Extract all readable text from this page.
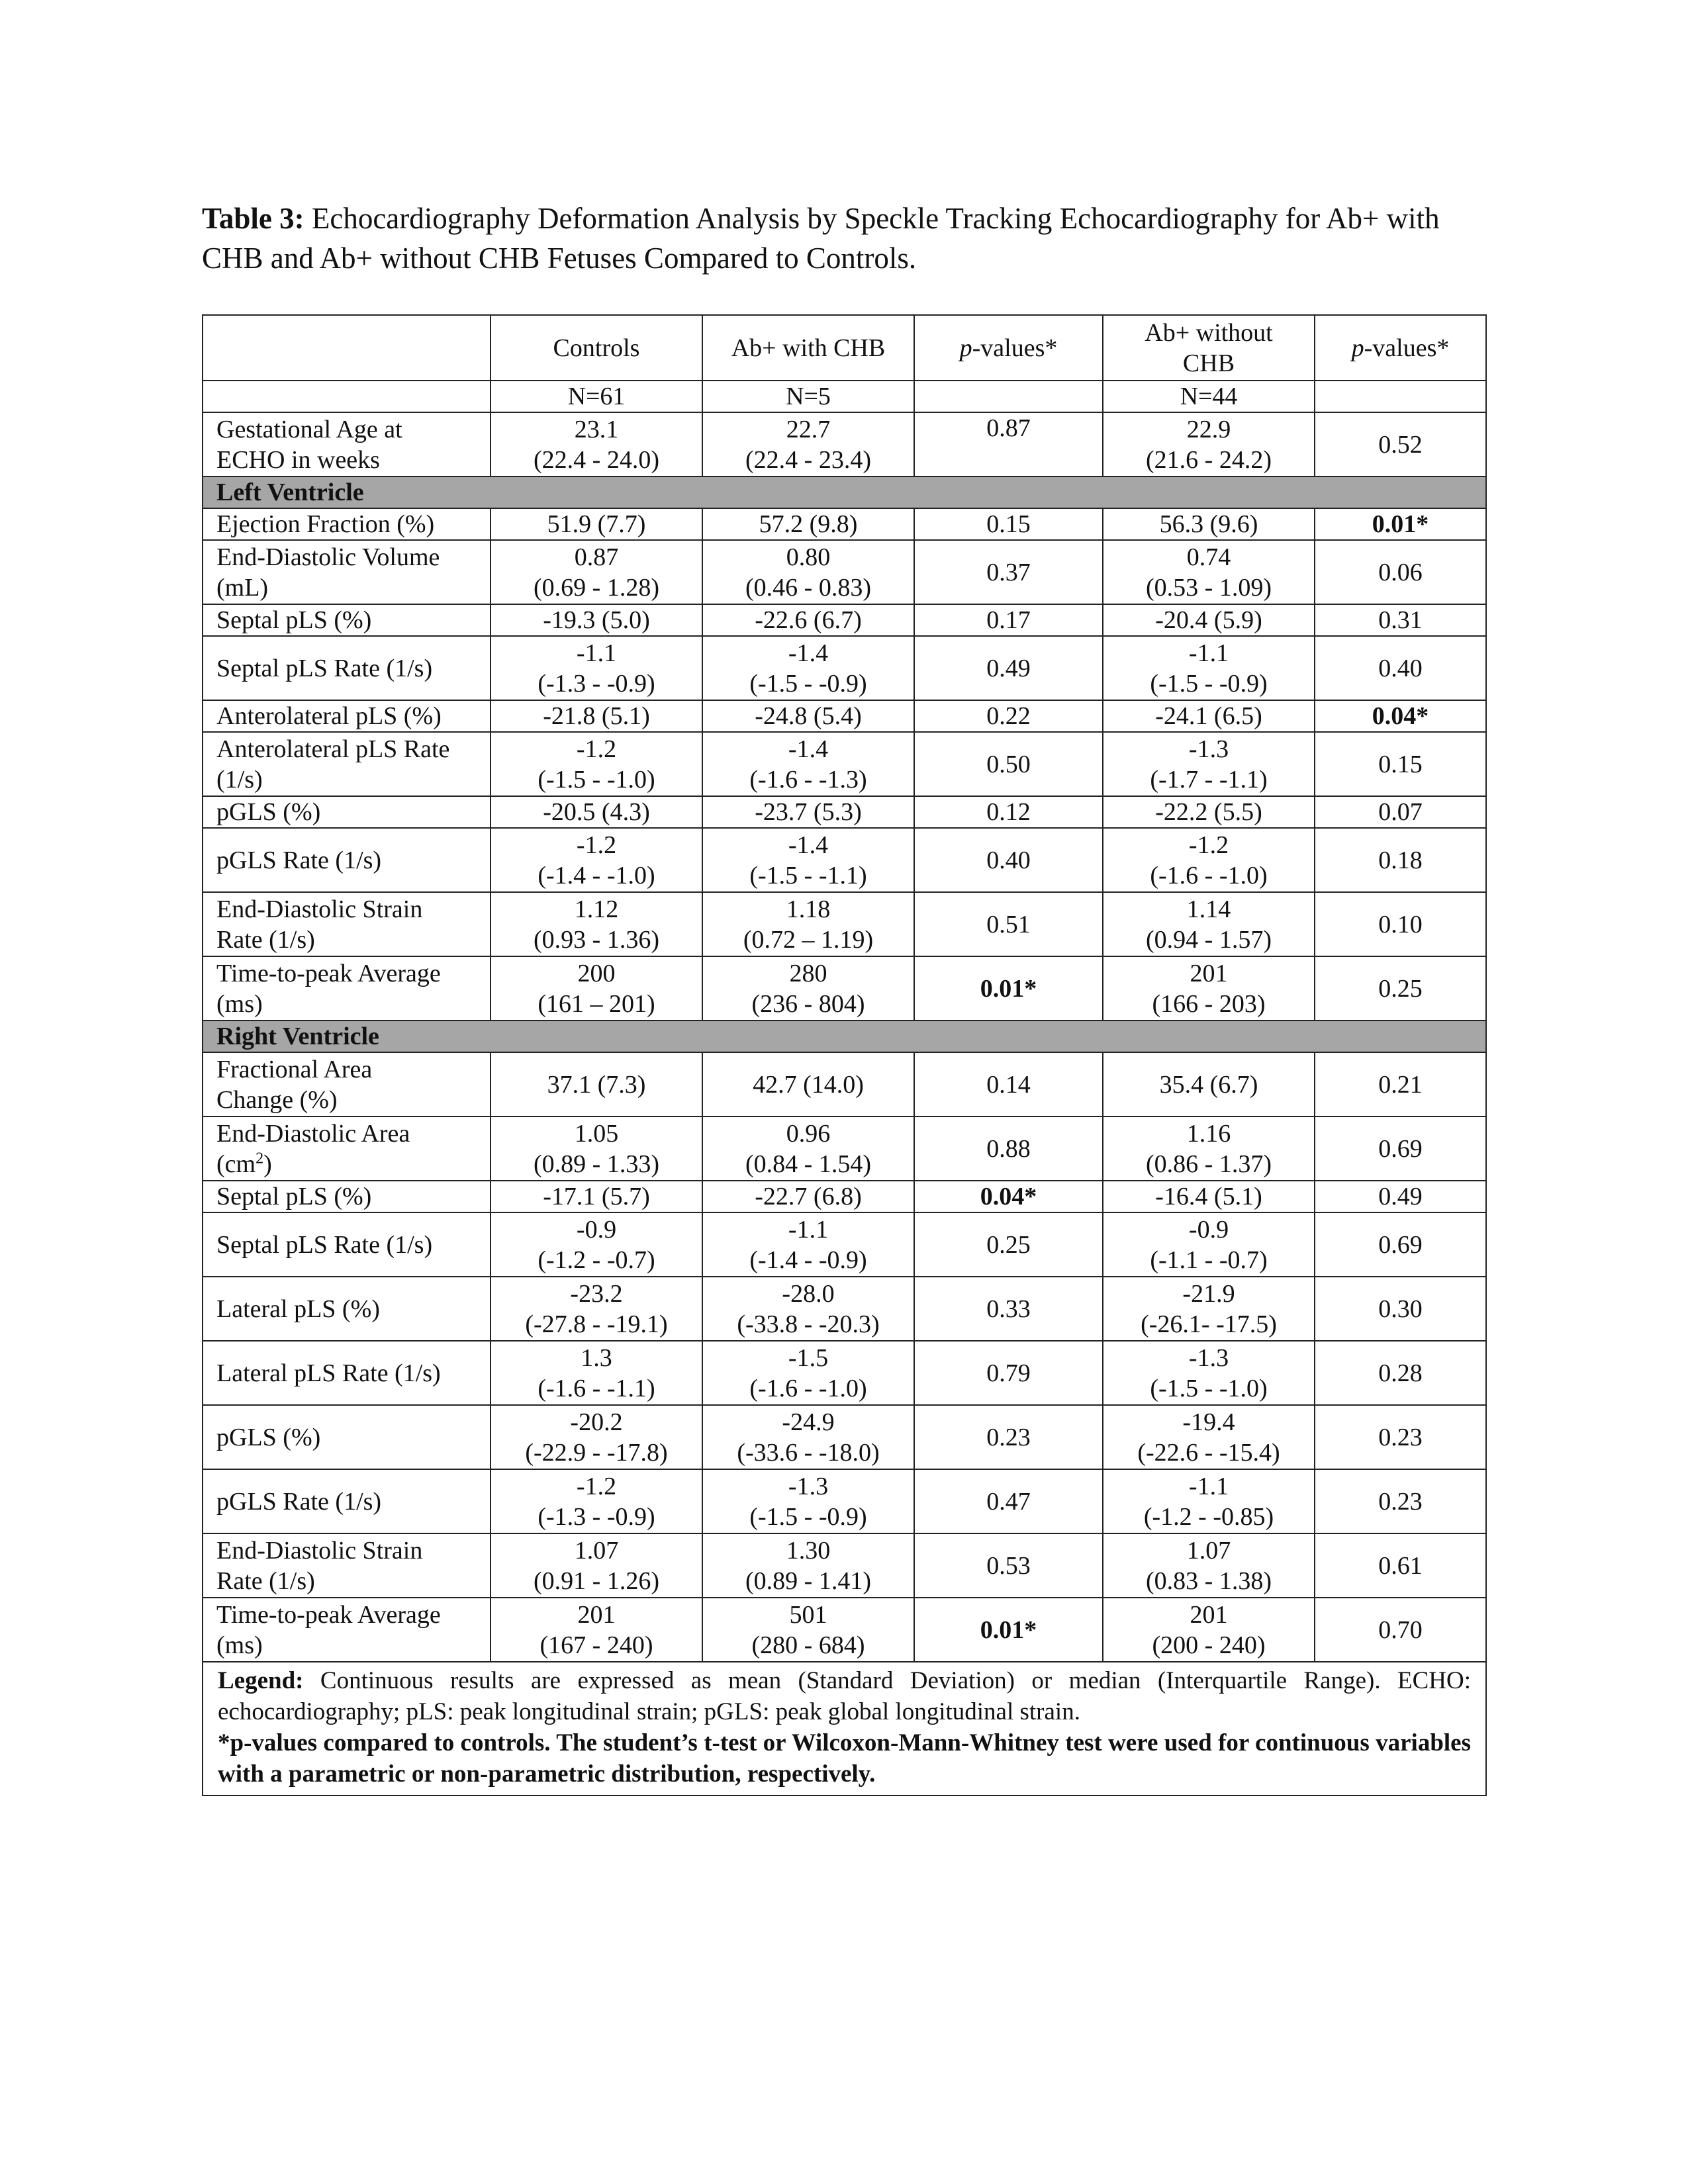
Table 3: Echocardiography Deformation Analysis by Speckle Tracking Echocardiography for Ab+ with CHB and Ab+ without CHB Fetuses Compared to Controls.
	Controls	Ab+ with CHB	p-values*	Ab+ without
CHB	p-values*
	N=61	N=5		N=44	

Gestational Age at
ECHO in weeks	23.1
(22.4 - 24.0)	22.7
(22.4 - 23.4)	0.87	22.9
(21.6 - 24.2)	0.52
Left Ventricle					

Ejection Fraction (%)	51.9 (7.7)	57.2 (9.8)	0.15	56.3 (9.6)	0.01*

End-Diastolic Volume
(mL)	0.87
(0.69 - 1.28)	0.80
(0.46 - 0.83)	0.37	0.74
(0.53 - 1.09)	0.06

Septal pLS (%)	-19.3 (5.0)	-22.6 (6.7)	0.17	-20.4 (5.9)	0.31

Septal pLS Rate (1/s)	-1.1
(-1.3 - -0.9)	-1.4
(-1.5 - -0.9)	0.49	-1.1
(-1.5 - -0.9)	0.40

Anterolateral pLS (%)	-21.8 (5.1)	-24.8 (5.4)	0.22	-24.1 (6.5)	0.04*

Anterolateral pLS Rate
(1/s)	-1.2
(-1.5 - -1.0)	-1.4
(-1.6 - -1.3)	0.50	-1.3
(-1.7 - -1.1)	0.15

pGLS (%)	-20.5 (4.3)	-23.7 (5.3)	0.12	-22.2 (5.5)	0.07

pGLS Rate (1/s)	-1.2
(-1.4 - -1.0)	-1.4
(-1.5 - -1.1)	0.40	-1.2
(-1.6 - -1.0)	0.18

End-Diastolic Strain
Rate (1/s)	1.12
(0.93 - 1.36)	1.18
(0.72 – 1.19)	0.51	1.14
(0.94 - 1.57)	0.10

Time-to-peak Average
(ms)	200
(161 – 201)	280
(236 - 804)	0.01*	201
(166 - 203)	0.25
Right Ventricle					

Fractional Area
Change (%)	37.1 (7.3)	42.7 (14.0)	0.14	35.4 (6.7)	0.21

End-Diastolic Area
$(cm^2)$	1.05
(0.89 - 1.33)	0.96
(0.84 - 1.54)	0.88	1.16
(0.86 - 1.37)	0.69

Septal pLS (%)	-17.1 (5.7)	-22.7 (6.8)	0.04*	-16.4 (5.1)	0.49

Septal pLS Rate (1/s)	-0.9
(-1.2 - -0.7)	-1.1
(-1.4 - -0.9)	0.25	-0.9
(-1.1 - -0.7)	0.69

Lateral pLS (%)	-23.2
(-27.8 - -19.1)	-28.0
(-33.8 - -20.3)	0.33	-21.9
(-26.1- -17.5)	0.30

Lateral pLS Rate (1/s)	1.3
(-1.6 - -1.1)	-1.5
(-1.6 - -1.0)	0.79	-1.3
(-1.5 - -1.0)	0.28

pGLS (%)	-20.2
(-22.9 - -17.8)	-24.9
(-33.6 - -18.0)	0.23	-19.4
(-22.6 - -15.4)	0.23

pGLS Rate (1/s)	-1.2
(-1.3 - -0.9)	-1.3
(-1.5 - -0.9)	0.47	-1.1
(-1.2 - -0.85)	0.23

End-Diastolic Strain
Rate (1/s)	1.07
(0.91 - 1.26)	1.30
(0.89 - 1.41)	0.53	1.07
(0.83 - 1.38)	0.61

Time-to-peak Average
(ms)	201
(167 - 240)	501
(280 - 684)	0.01*	201
(200 - 240)	0.70
Legend: Continuous results are expressed as mean (Standard Deviation) or median (Interquartile Range). ECHO: echocardiography; pLS: peak longitudinal strain; pGLS: peak global longitudinal strain.
*p-values compared to controls. The student’s t-test or Wilcoxon-Mann-Whitney test were used for continuous variables with a parametric or non-parametric distribution, respectively.					
